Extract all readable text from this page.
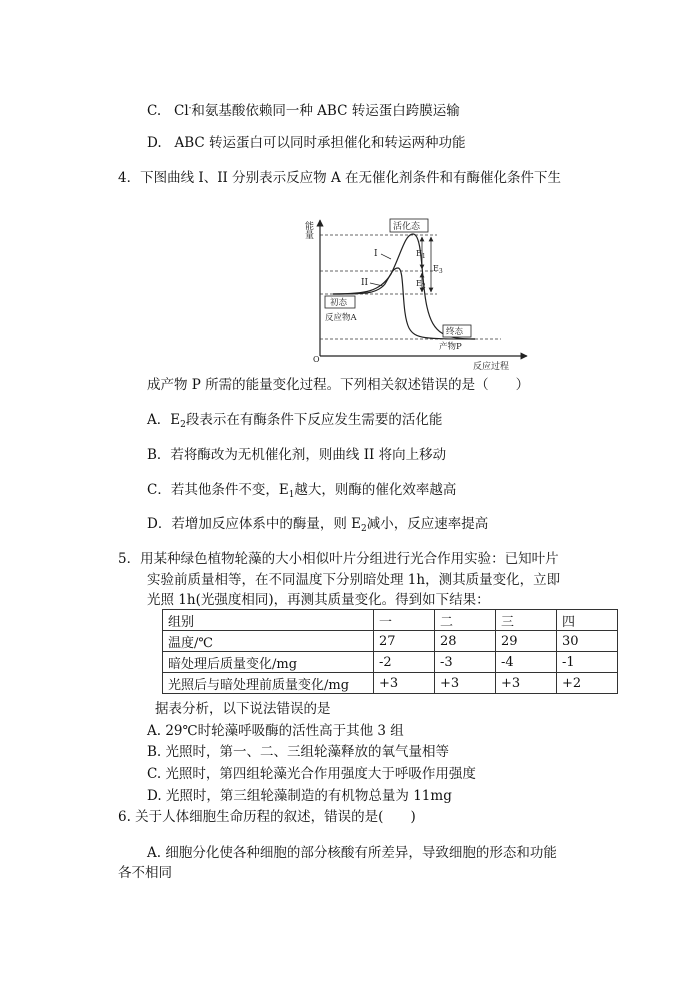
C. Cl-和氨基酸依赖同一种 ABC 转运蛋白跨膜运输
D. ABC 转运蛋白可以同时承担催化和转运两种功能
4．下图曲线 I、II 分别表示反应物 A 在无催化剂条件和有酶催化条件下生
能量
O
反应过程
I
II
活化态
初态
反应物A
终态
产物P
$E_1$
$E_2$
$E_3$
成产物 P 所需的能量变化过程。下列相关叙述错误的是（　　）
A．$E_2$段表示在有酶条件下反应发生需要的活化能
B．若将酶改为无机催化剂，则曲线 II 将向上移动
C．若其他条件不变，$E_1$越大，则酶的催化效率越高
D．若增加反应体系中的酶量，则 $E_2$减小，反应速率提高
5．用某种绿色植物轮藻的大小相似叶片分组进行光合作用实验：已知叶片
实验前质量相等，在不同温度下分别暗处理 1h，测其质量变化，立即
光照 1h(光强度相同)，再测其质量变化。得到如下结果：
组别	一	二	三	四
温度/℃	27	28	29	30
暗处理后质量变化/mg	-2	-3	-4	-1
光照后与暗处理前质量变化/mg	+3	+3	+3	+2
据表分析，以下说法错误的是
A. 29℃时轮藻呼吸酶的活性高于其他 3 组
B. 光照时，第一、二、三组轮藻释放的氧气量相等
C. 光照时，第四组轮藻光合作用强度大于呼吸作用强度
D. 光照时，第三组轮藻制造的有机物总量为 11mg
6. 关于人体细胞生命历程的叙述，错误的是(　　)
A. 细胞分化使各种细胞的部分核酸有所差异，导致细胞的形态和功能
各不相同
